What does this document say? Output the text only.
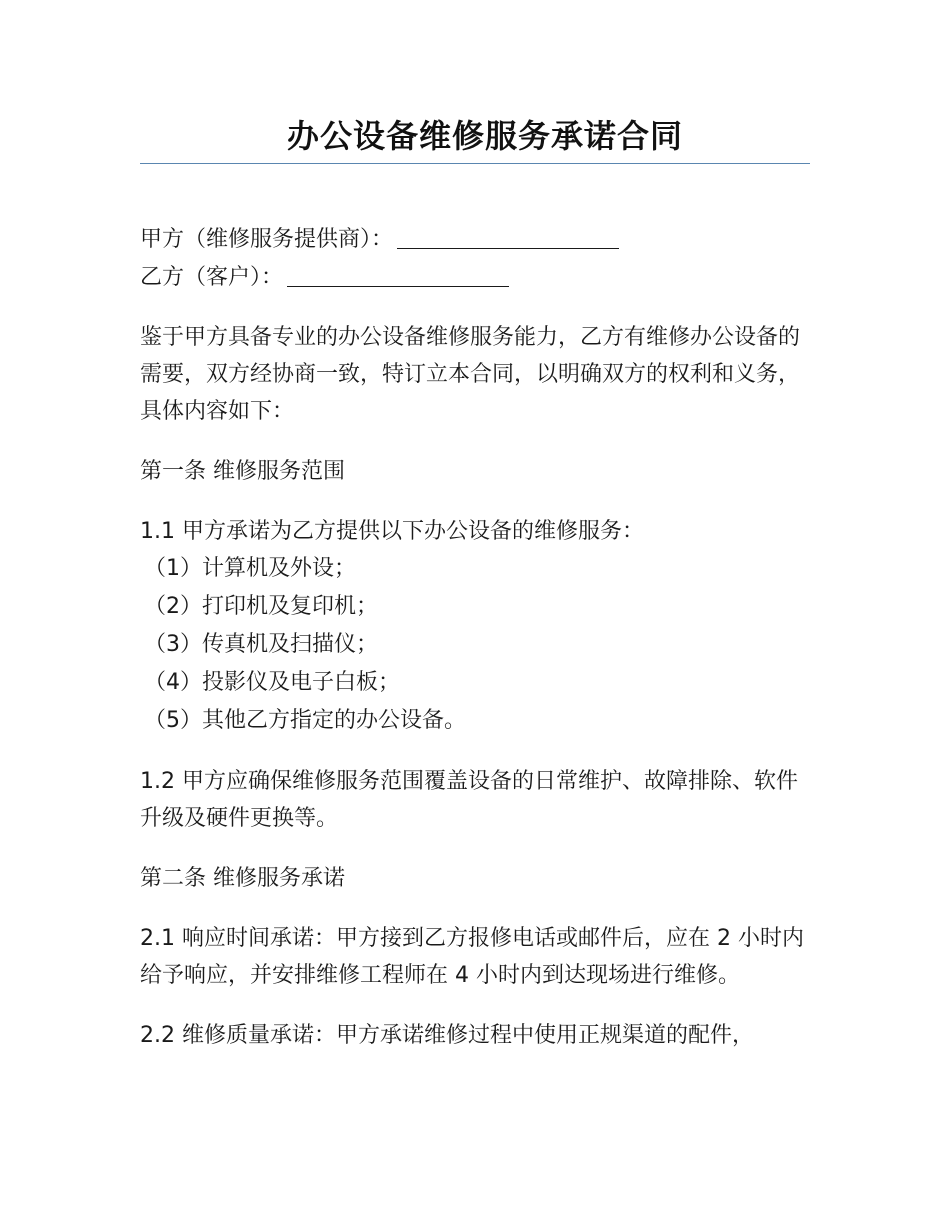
办公设备维修服务承诺合同
甲方（维修服务提供商）：
乙方（客户）：
鉴于甲方具备专业的办公设备维修服务能力，乙方有维修办公设备的需要，双方经协商一致，特订立本合同，以明确双方的权利和义务，具体内容如下：
第一条 维修服务范围
1.1 甲方承诺为乙方提供以下办公设备的维修服务：
（1）计算机及外设；
（2）打印机及复印机；
（3）传真机及扫描仪；
（4）投影仪及电子白板；
（5）其他乙方指定的办公设备。
1.2 甲方应确保维修服务范围覆盖设备的日常维护、故障排除、软件升级及硬件更换等。
第二条 维修服务承诺
2.1 响应时间承诺：甲方接到乙方报修电话或邮件后，应在 2 小时内给予响应，并安排维修工程师在 4 小时内到达现场进行维修。
2.2 维修质量承诺：甲方承诺维修过程中使用正规渠道的配件，
